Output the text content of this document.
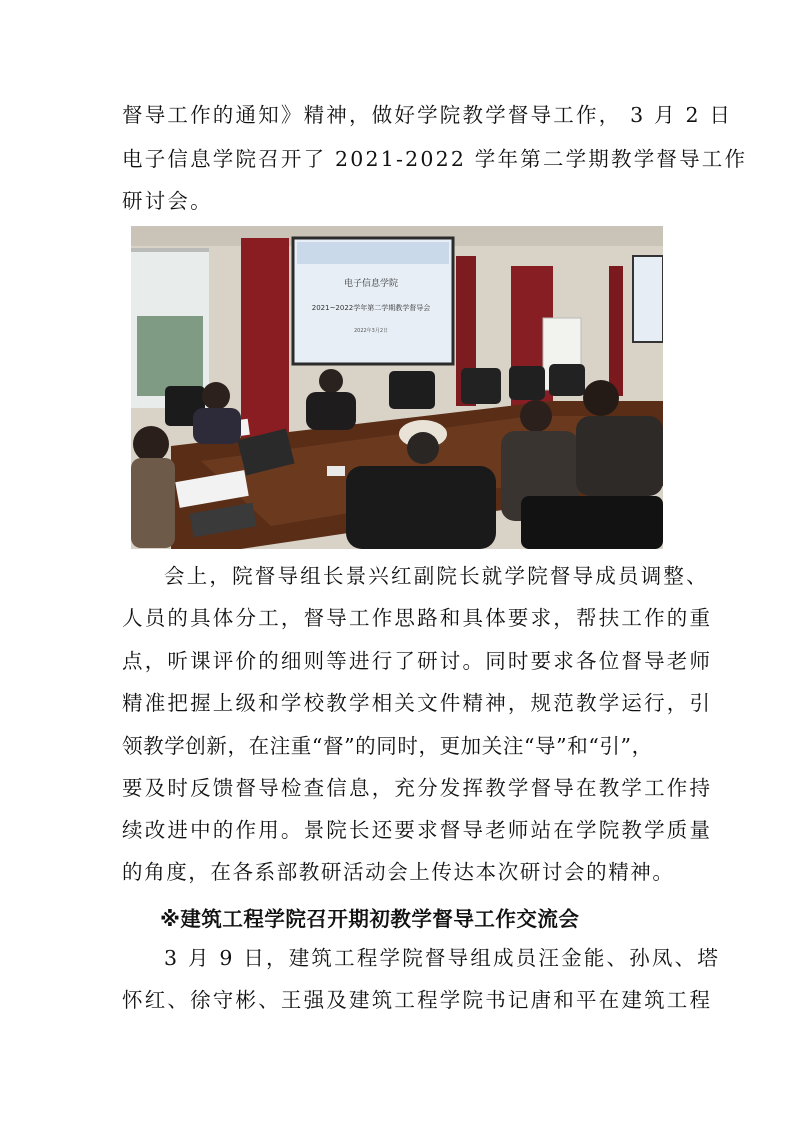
督导工作的通知》精神，做好学院教学督导工作， 3 月 2 日
电子信息学院召开了 2021-2022 学年第二学期教学督导工作
研讨会。
电子信息学院
2021~2022学年第二学期教学督导会
2022年3月2日
会上，院督导组长景兴红副院长就学院督导成员调整、
人员的具体分工，督导工作思路和具体要求，帮扶工作的重
点，听课评价的细则等进行了研讨。同时要求各位督导老师
精准把握上级和学校教学相关文件精神，规范教学运行，引
领教学创新，在注重“督”的同时，更加关注“导”和“引”，
要及时反馈督导检查信息，充分发挥教学督导在教学工作持
续改进中的作用。景院长还要求督导老师站在学院教学质量
的角度，在各系部教研活动会上传达本次研讨会的精神。
※建筑工程学院召开期初教学督导工作交流会
3 月 9 日，建筑工程学院督导组成员汪金能、孙凤、塔
怀红、徐守彬、王强及建筑工程学院书记唐和平在建筑工程
